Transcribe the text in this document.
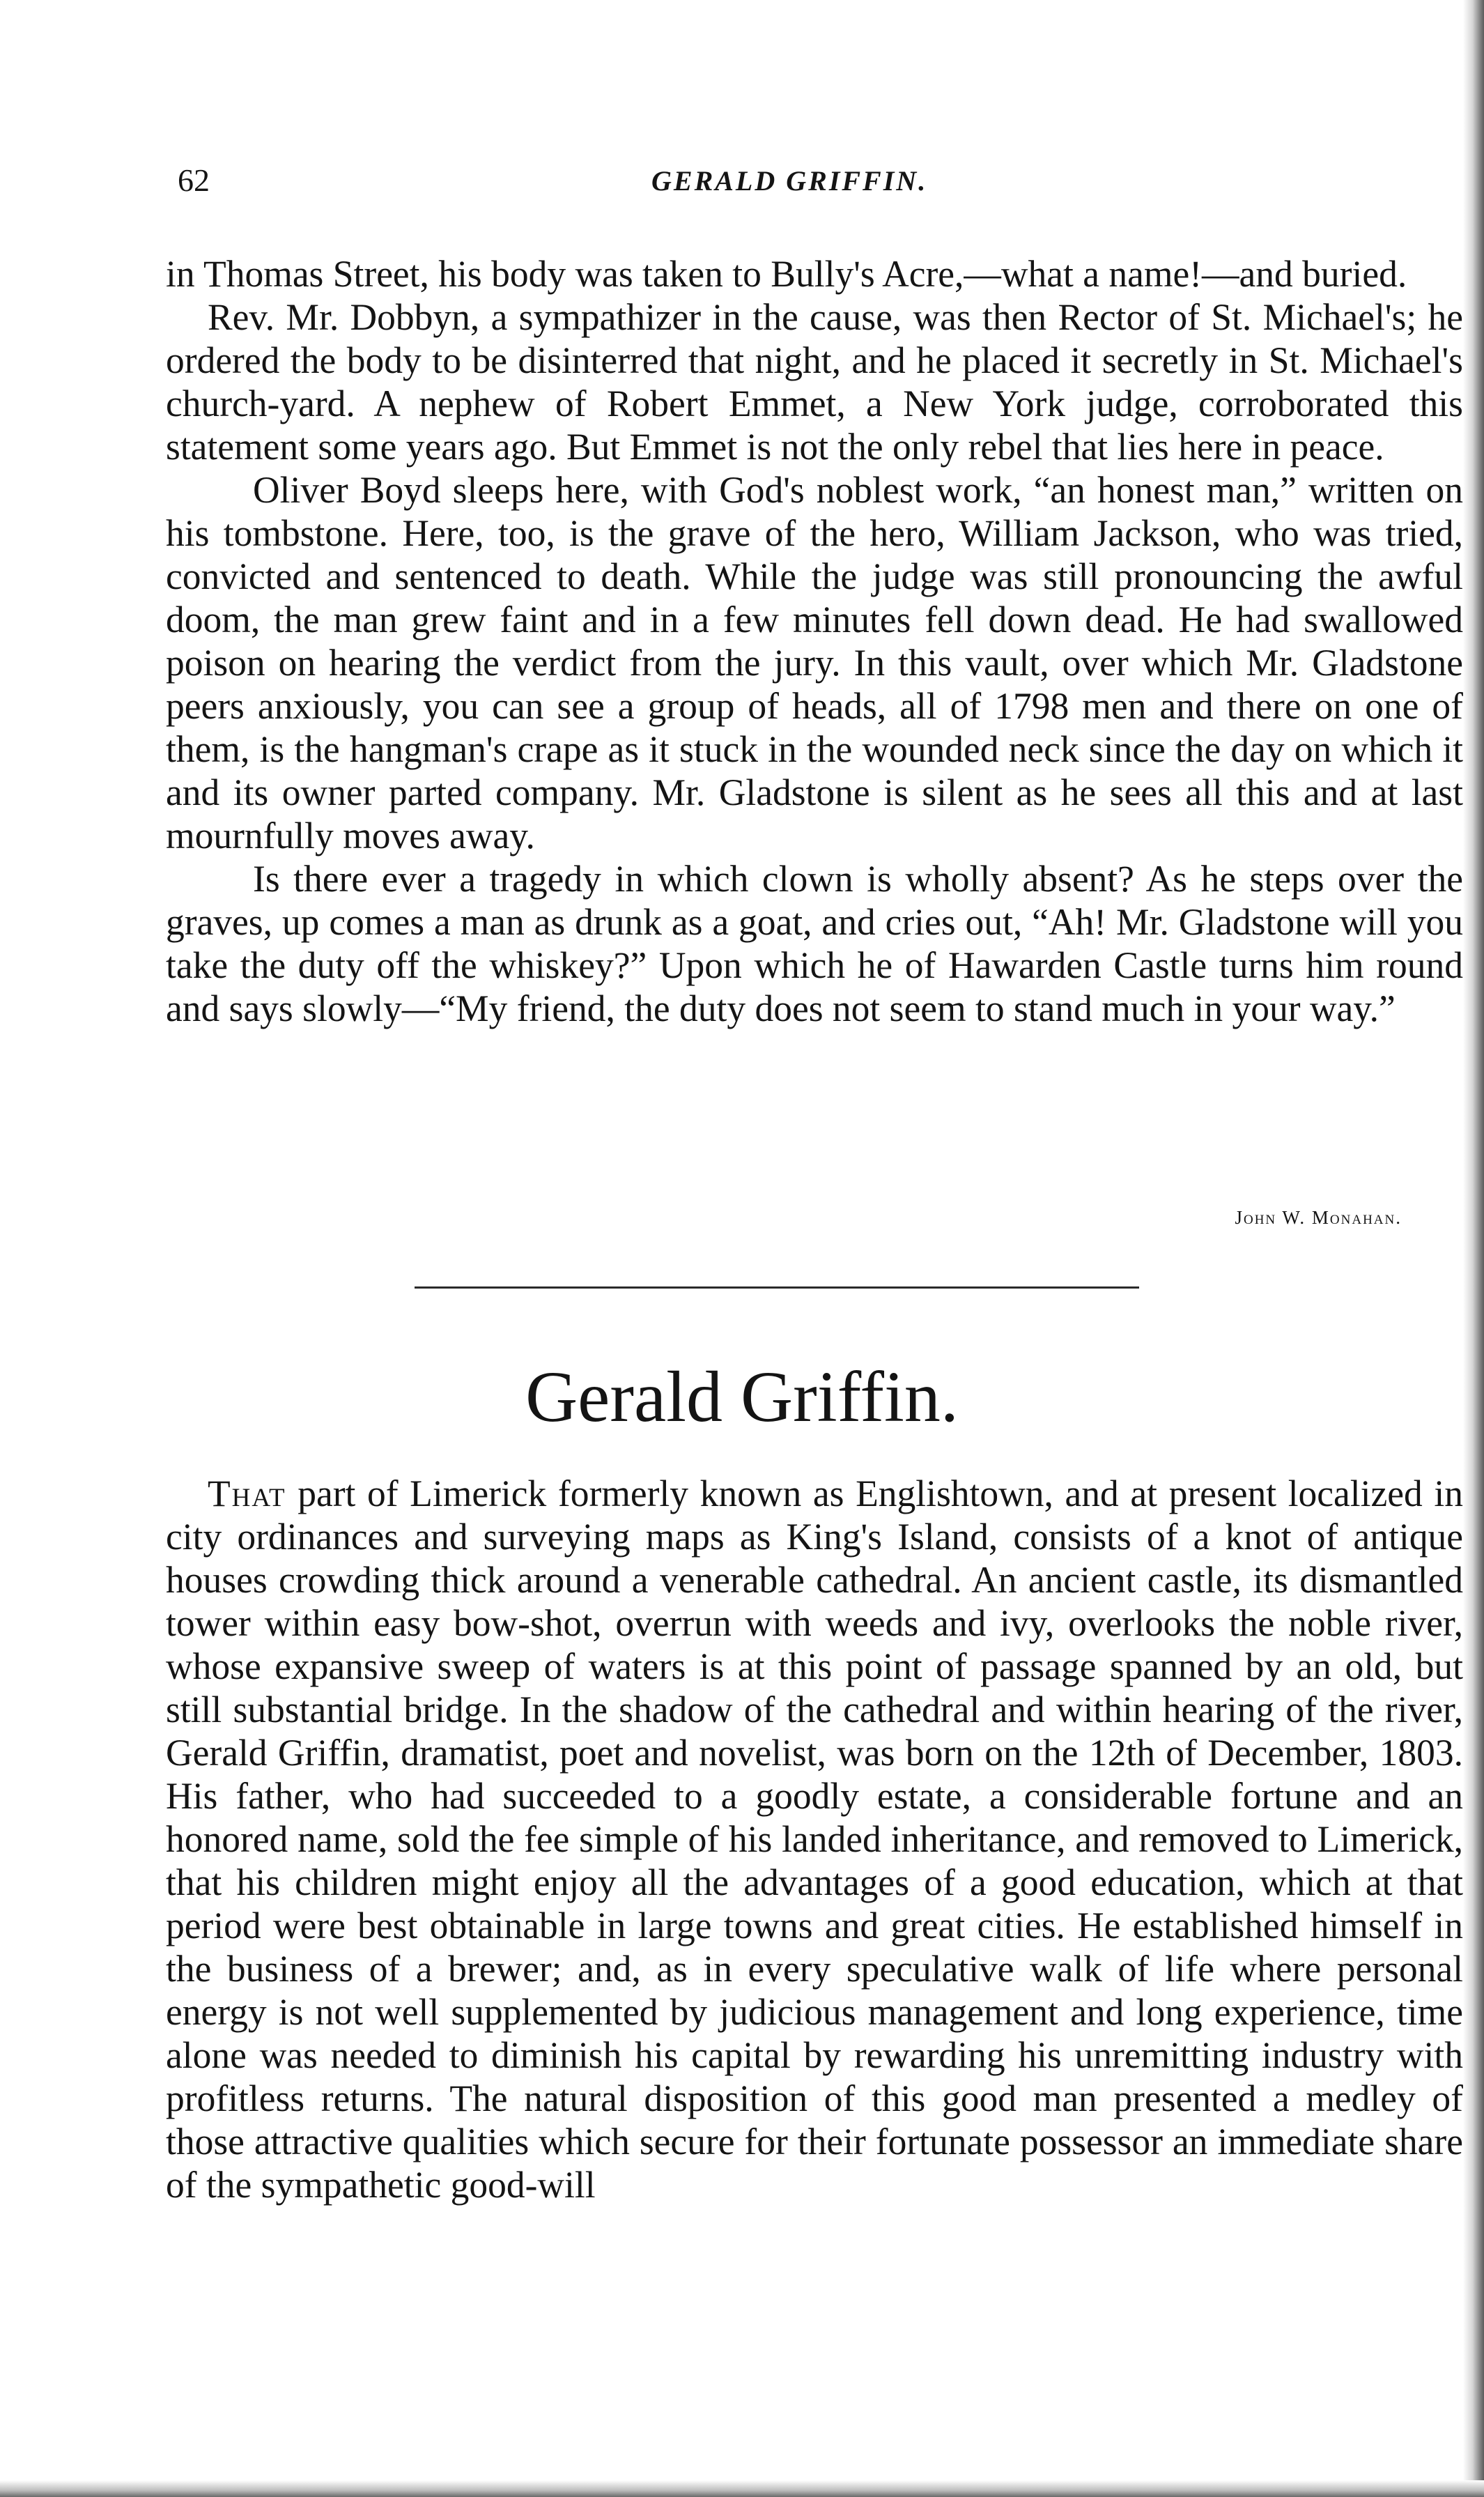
62	GERALD GRIFFIN.

in Thomas Street, his body was taken to Bully's Acre,—what a name!—and buried.

Rev. Mr. Dobbyn, a sympathizer in the cause, was then Rector of St. Michael's; he ordered the body to be disinterred that night, and he placed it secretly in St. Michael's church-yard. A nephew of Robert Emmet, a New York judge, corroborated this statement some years ago. But Emmet is not the only rebel that lies here in peace.

Oliver Boyd sleeps here, with God's noblest work, “an honest man,” written on his tombstone. Here, too, is the grave of the hero, William Jackson, who was tried, convicted and sentenced to death. While the judge was still pronouncing the awful doom, the man grew faint and in a few minutes fell down dead. He had swallowed poison on hearing the verdict from the jury. In this vault, over which Mr. Gladstone peers anxiously, you can see a group of heads, all of 1798 men and there on one of them, is the hangman's crape as it stuck in the wounded neck since the day on which it and its owner parted company. Mr. Gladstone is silent as he sees all this and at last mournfully moves away.

Is there ever a tragedy in which clown is wholly absent? As he steps over the graves, up comes a man as drunk as a goat, and cries out, “Ah! Mr. Gladstone will you take the duty off the whiskey?” Upon which he of Hawarden Castle turns him round and says slowly—“My friend, the duty does not seem to stand much in your way.”

John W. Monahan.
Gerald Griffin.

That part of Limerick formerly known as Englishtown, and at present localized in city ordinances and surveying maps as King's Island, consists of a knot of antique houses crowding thick around a venerable cathedral. An ancient castle, its dismantled tower within easy bow-shot, overrun with weeds and ivy, overlooks the noble river, whose expansive sweep of waters is at this point of passage spanned by an old, but still substantial bridge. In the shadow of the cathedral and within hearing of the river, Gerald Griffin, dramatist, poet and novelist, was born on the 12th of December, 1803. His father, who had succeeded to a goodly estate, a considerable fortune and an honored name, sold the fee simple of his landed inheritance, and removed to Limerick, that his children might enjoy all the advantages of a good education, which at that period were best obtainable in large towns and great cities. He established himself in the business of a brewer; and, as in every speculative walk of life where personal energy is not well supplemented by judicious management and long experience, time alone was needed to diminish his capital by rewarding his unremitting industry with profitless returns. The natural disposition of this good man presented a medley of those attractive qualities which secure for their fortunate possessor an immediate share of the sympathetic good-will
